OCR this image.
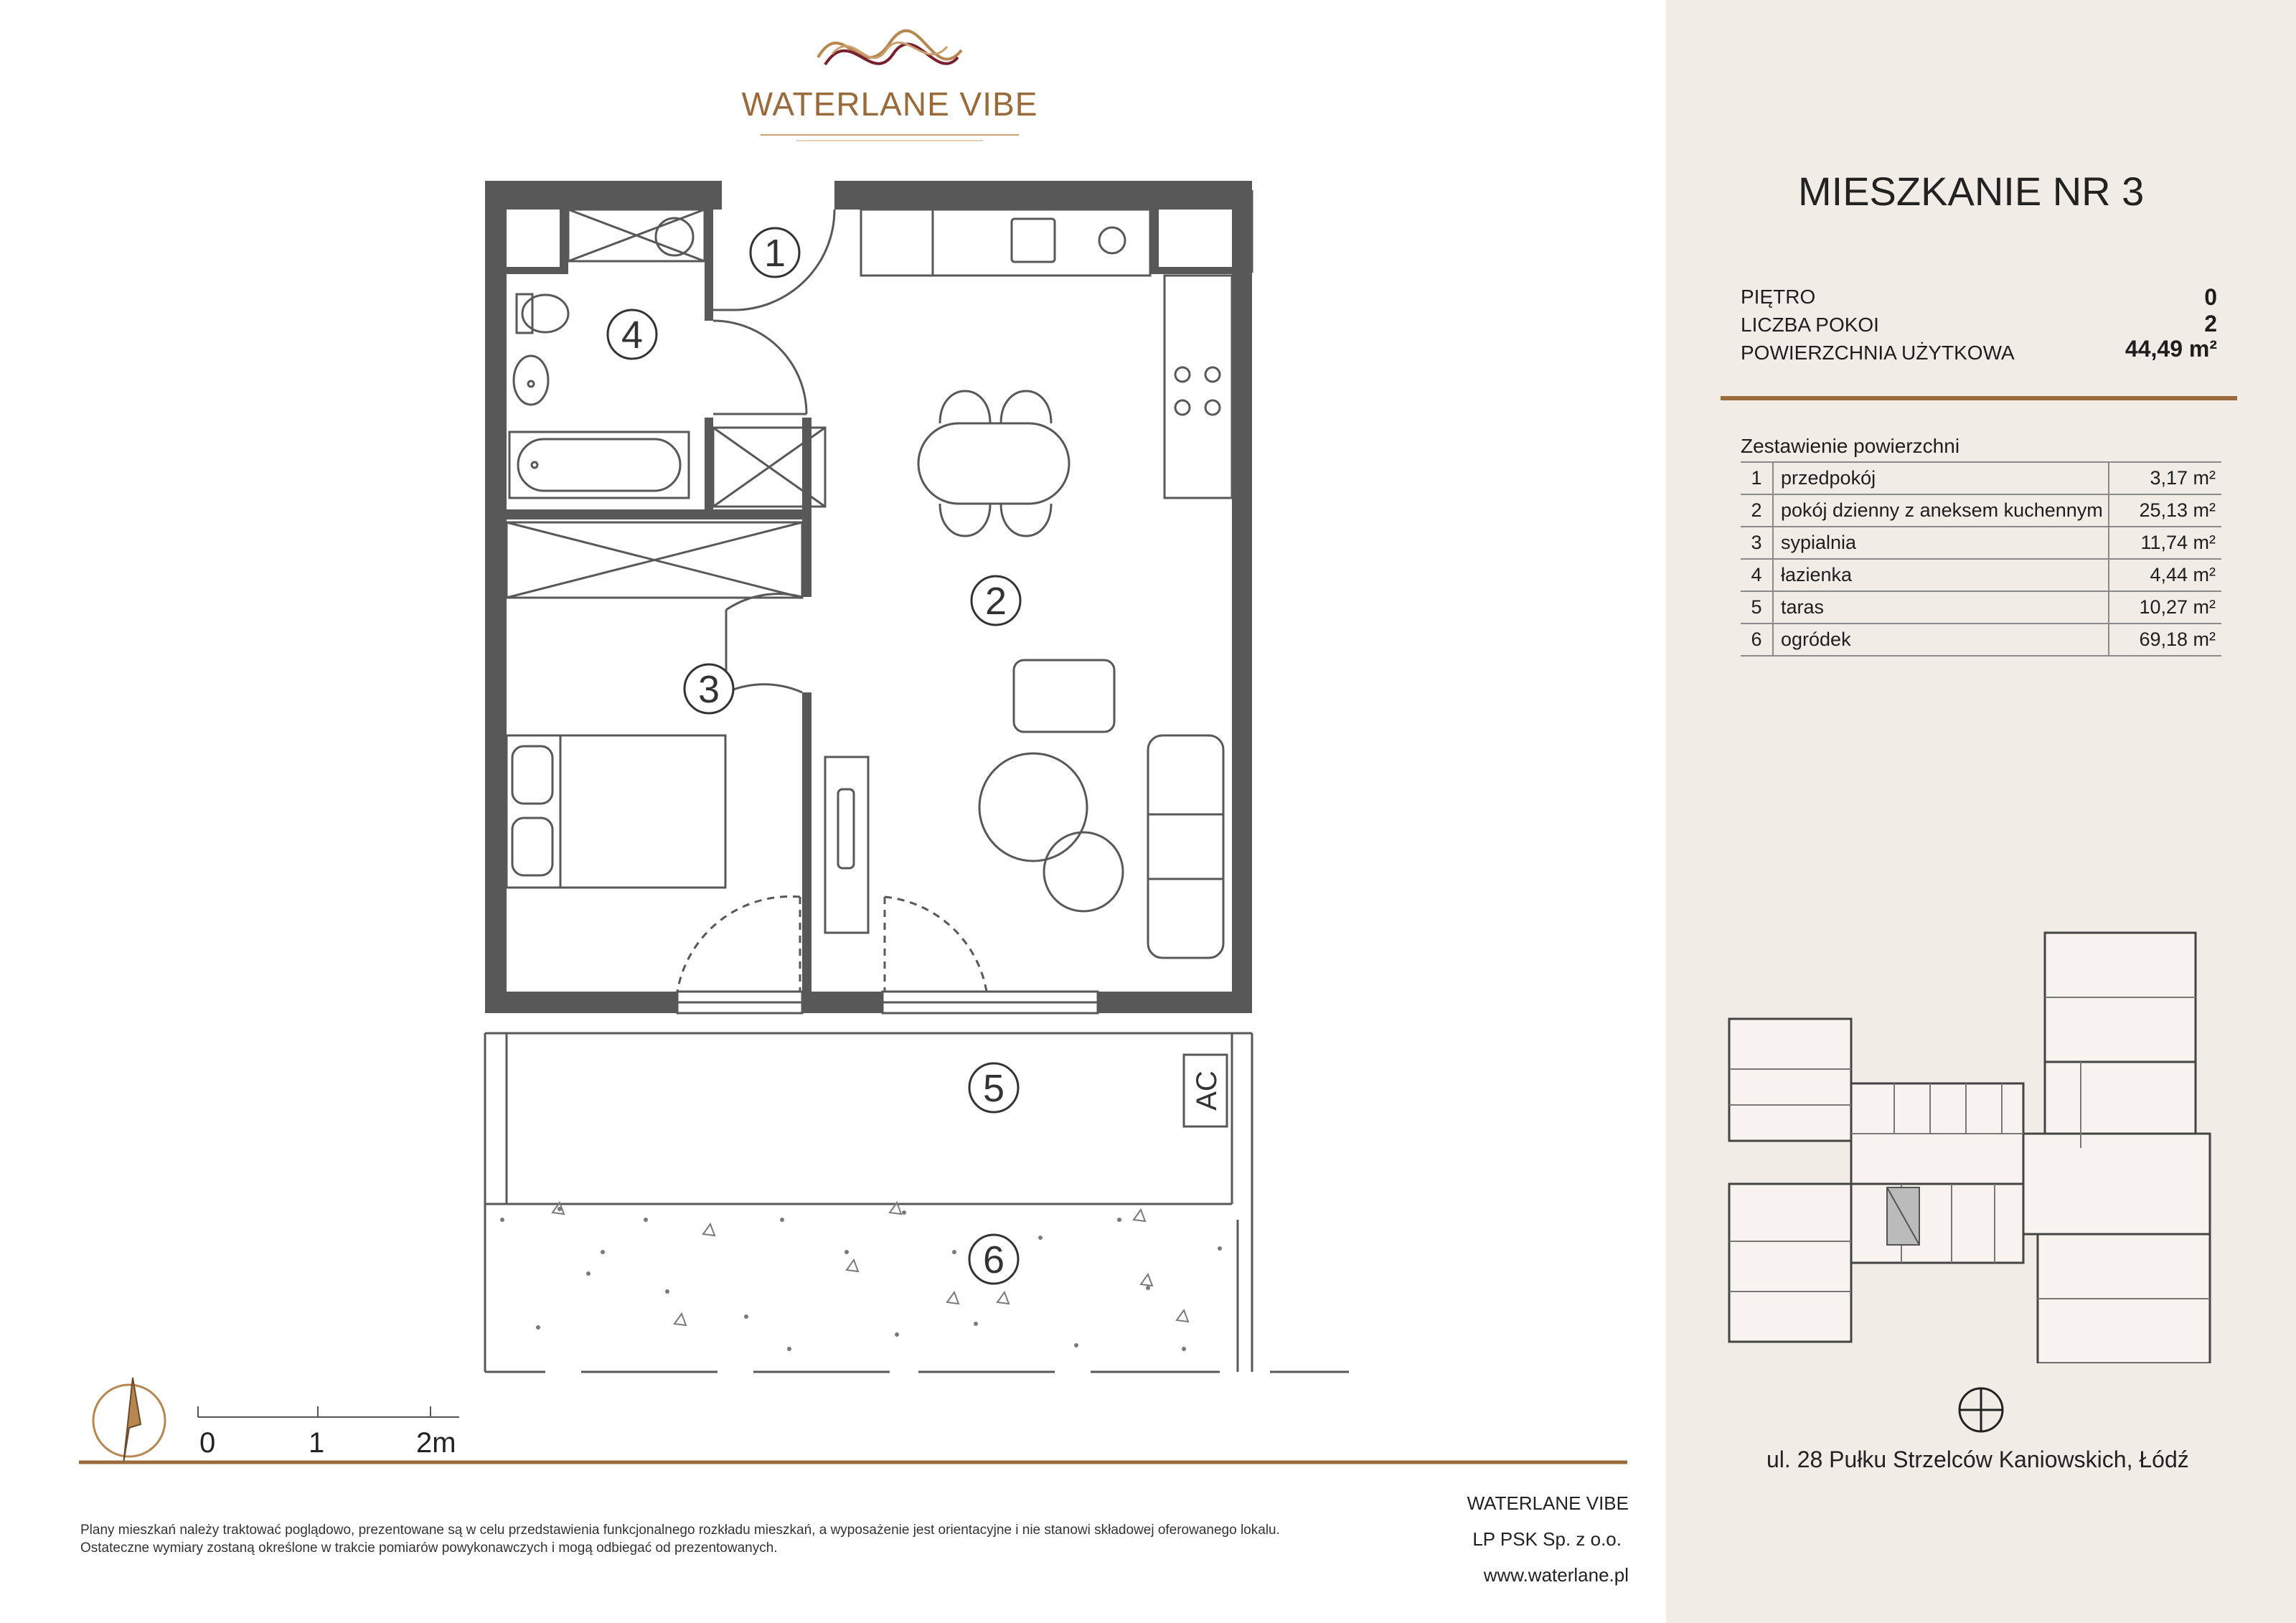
WATERLANE VIBE
1
4
2
3
5
6
AC
0	1	2m
MIESZKANIE NR 3
PIĘTRO	0
LICZBA POKOI	2
POWIERZCHNIA UŻYTKOWA	44,49 m²
Zestawienie powierzchni
1 przedpokój	3,17 m²
2 pokój dzienny z aneksem kuchennym	25,13 m²
3 sypialnia	11,74 m²
4 łazienka	4,44 m²
5 taras	10,27 m²
6 ogródek	69,18 m²
ul. 28 Pułku Strzelców Kaniowskich, Łódź
Plany mieszkań należy traktować poglądowo, prezentowane są w celu przedstawienia funkcjonalnego rozkładu mieszkań, a wyposażenie jest orientacyjne i nie stanowi składowej oferowanego lokalu.
Ostateczne wymiary zostaną określone w trakcie pomiarów powykonawczych i mogą odbiegać od prezentowanych.
WATERLANE VIBE
LP PSK Sp. z o.o.
www.waterlane.pl
